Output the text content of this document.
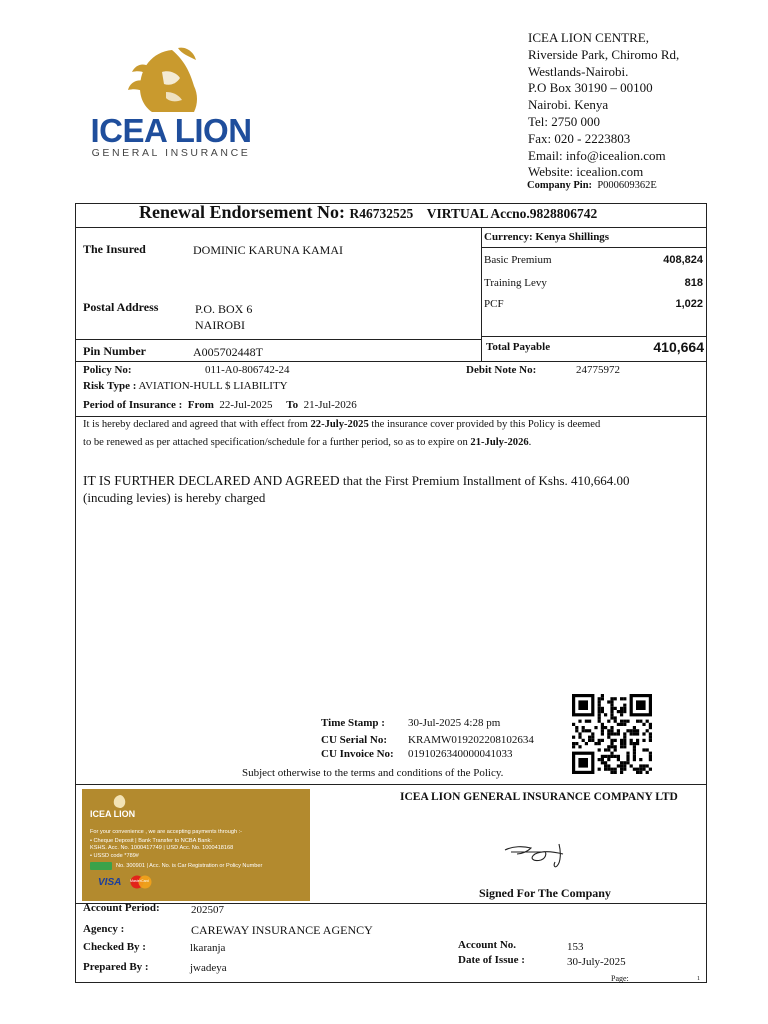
ICEA LION
GENERAL INSURANCE
ICEA LION CENTRE,
Riverside Park, Chiromo Rd,
Westlands-Nairobi.
P.O Box 30190 – 00100
Nairobi. Kenya
Tel: 2750 000
Fax: 020 - 2223803
Email: info@icealion.com
Website: icealion.com
Company Pin: P000609362E
Renewal Endorsement No: R46732525 VIRTUAL Accno.9828806742
The Insured	DOMINIC KARUNA KAMAI
Postal Address	P.O. BOX 6
NAIROBI
Pin Number	A005702448T
Currency: Kenya Shillings
Basic Premium	408,824
Training Levy	818
PCF	1,022
Total Payable	410,664
Policy No:	011-A0-806742-24	Debit Note No:	24775972
Risk Type : AVIATION-HULL $ LIABILITY
Period of Insurance : From 22-Jul-2025 To 21-Jul-2026
It is hereby declared and agreed that with effect from 22-July-2025 the insurance cover provided by this Policy is deemed
to be renewed as per attached specification/schedule for a further period, so as to expire on 21-July-2026.
IT IS FURTHER DECLARED AND AGREED that the First Premium Installment of Kshs. 410,664.00
(incuding levies) is hereby charged
Time Stamp : 30-Jul-2025 4:28 pm
CU Serial No: KRAMW019202208102634
CU Invoice No: 0191026340000041033
Subject otherwise to the terms and conditions of the Policy.
ICEA LION
For your convenience , we are accepting payments through :-
• Cheque Deposit | Bank Transfer to NCBA Bank:
KSHS. Acc. No. 1000417749 | USD Acc. No. 1000418168
• USSD code *789#
No. 300901 | Acc. No. is Car Registration or Policy Number
VISA MasterCard
ICEA LION GENERAL INSURANCE COMPANY LTD
Signed For The Company
Account Period:	202507
Agency :	CAREWAY INSURANCE AGENCY
Checked By :	lkaranja
Prepared By :	jwadeya
Account No.	153
Date of Issue :	30-July-2025
Page:	1
